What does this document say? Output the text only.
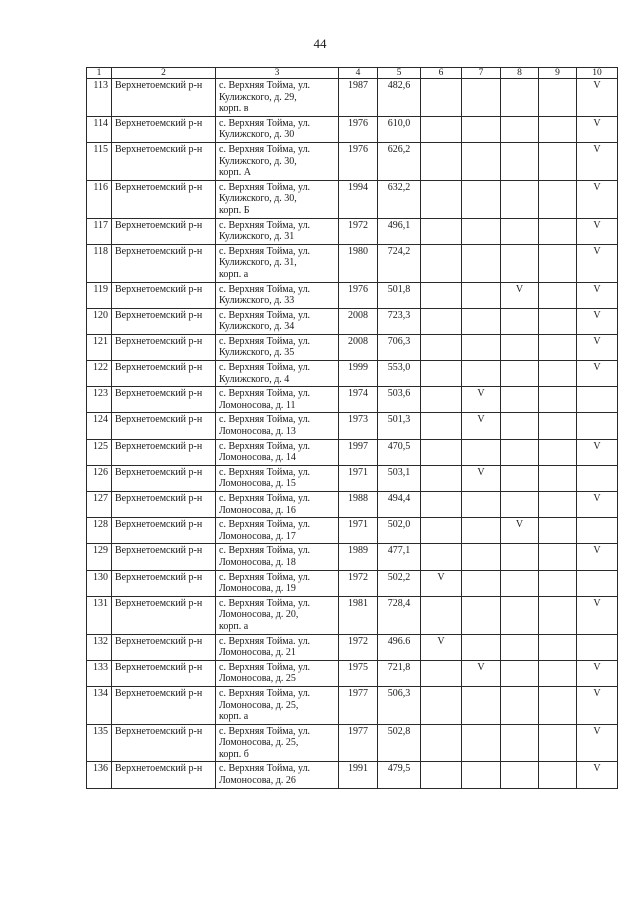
44
1	2	3	4	5	6	7	8	9	10
113	Верхнетоемский р-н	с. Верхняя Тойма, ул.
Кулижского, д. 29,
корп. в	1987	482,6					V
114	Верхнетоемский р-н	с. Верхняя Тойма, ул.
Кулижского, д. 30	1976	610,0					V
115	Верхнетоемский р-н	с. Верхняя Тойма, ул.
Кулижского, д. 30,
корп. А	1976	626,2					V
116	Верхнетоемский р-н	с. Верхняя Тойма, ул.
Кулижского, д. 30,
корп. Б	1994	632,2					V
117	Верхнетоемский р-н	с. Верхняя Тойма, ул.
Кулижского, д. 31	1972	496,1					V
118	Верхнетоемский р-н	с. Верхняя Тойма, ул.
Кулижского, д. 31,
корп. а	1980	724,2					V
119	Верхнетоемский р-н	с. Верхняя Тойма, ул.
Кулижского, д. 33	1976	501,8			V		V
120	Верхнетоемский р-н	с. Верхняя Тойма, ул.
Кулижского, д. 34	2008	723,3					V
121	Верхнетоемский р-н	с. Верхняя Тойма, ул.
Кулижского, д. 35	2008	706,3					V
122	Верхнетоемский р-н	с. Верхняя Тойма, ул.
Кулижского, д. 4	1999	553,0					V
123	Верхнетоемский р-н	с. Верхняя Тойма, ул.
Ломоносова, д. 11	1974	503,6		V			
124	Верхнетоемский р-н	с. Верхняя Тойма, ул.
Ломоносова, д. 13	1973	501,3		V			
125	Верхнетоемский р-н	с. Верхняя Тойма, ул.
Ломоносова, д. 14	1997	470,5					V
126	Верхнетоемский р-н	с. Верхняя Тойма, ул.
Ломоносова, д. 15	1971	503,1		V			
127	Верхнетоемский р-н	с. Верхняя Тойма, ул.
Ломоносова, д. 16	1988	494,4					V
128	Верхнетоемский р-н	с. Верхняя Тойма, ул.
Ломоносова, д. 17	1971	502,0			V		
129	Верхнетоемский р-н	с. Верхняя Тойма, ул.
Ломоносова, д. 18	1989	477,1					V
130	Верхнетоемский р-н	с. Верхняя Тойма, ул.
Ломоносова, д. 19	1972	502,2	V				
131	Верхнетоемский р-н	с. Верхняя Тойма, ул.
Ломоносова, д. 20,
корп. а	1981	728,4					V
132	Верхнетоемский р-н	с. Верхняя Тойма. ул.
Ломоносова, д. 21	1972	496.6	V				
133	Верхнетоемский р-н	с. Верхняя Тойма, ул.
Ломоносова, д. 25	1975	721,8		V			V
134	Верхнетоемский р-н	с. Верхняя Тойма, ул.
Ломоносова, д. 25,
корп. а	1977	506,3					V
135	Верхнетоемский р-н	с. Верхняя Тойма, ул.
Ломоносова, д. 25,
корп. б	1977	502,8					V
136	Верхнетоемский р-н	с. Верхняя Тойма, ул.
Ломоносова, д. 26	1991	479,5					V
